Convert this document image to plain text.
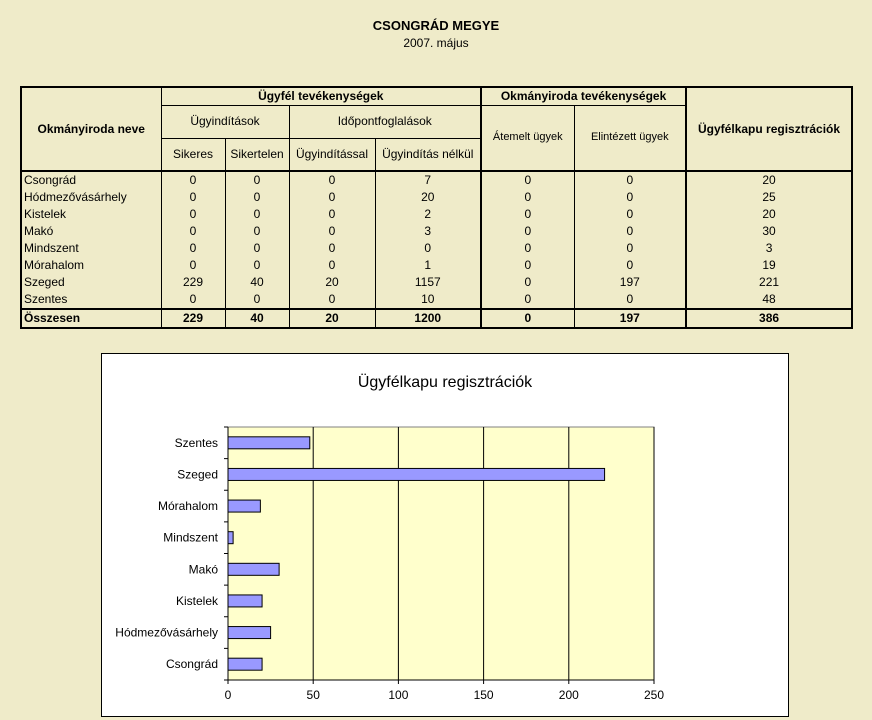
CSONGRÁD MEGYE
2007. május
Okmányiroda neve	Ügyfél tevékenységek				Okmányiroda tevékenységek		Ügyfélkapu regisztrációk
	Ügyindítások		Időpontfoglalások		Átemelt ügyek	Elintézett ügyek	
	Sikeres	Sikertelen	Ügyindítással	Ügyindítás nélkül			
Csongrád	0	0	0	7	0	0	20
Hódmezővásárhely	0	0	0	20	0	0	25
Kistelek	0	0	0	2	0	0	20
Makó	0	0	0	3	0	0	30
Mindszent	0	0	0	0	0	0	3
Mórahalom	0	0	0	1	0	0	19
Szeged	229	40	20	1157	0	197	221
Szentes	0	0	0	10	0	0	48
Összesen	229	40	20	1200	0	197	386
Ügyfélkapu regisztrációk
0	50	100	150	200	250
Csongrád
Hódmezővásárhely
Kistelek
Makó
Mindszent
Mórahalom
Szeged
Szentes
